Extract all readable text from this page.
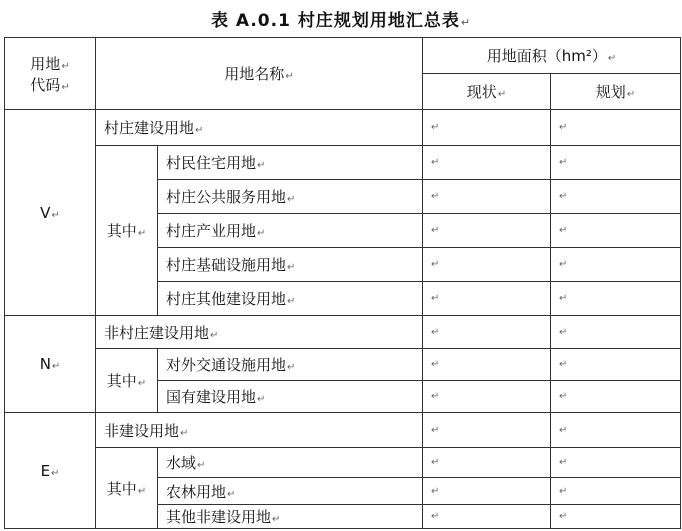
表 A.0.1 村庄规划用地汇总表↵
用地↵
代码↵	用地名称↵		用地面积（hm²）↵	
			现状↵	规划↵
V↵	村庄建设用地↵		↵	↵
	其中↵	村民住宅用地↵	↵	↵
		村庄公共服务用地↵	↵	↵
		村庄产业用地↵	↵	↵
		村庄基础设施用地↵	↵	↵
		村庄其他建设用地↵	↵	↵
N↵	非村庄建设用地↵		↵	↵
	其中↵	对外交通设施用地↵	↵	↵
		国有建设用地↵	↵	↵
E↵	非建设用地↵		↵	↵
	其中↵	水域↵	↵	↵
		农林用地↵	↵	↵
		其他非建设用地↵	↵	↵
